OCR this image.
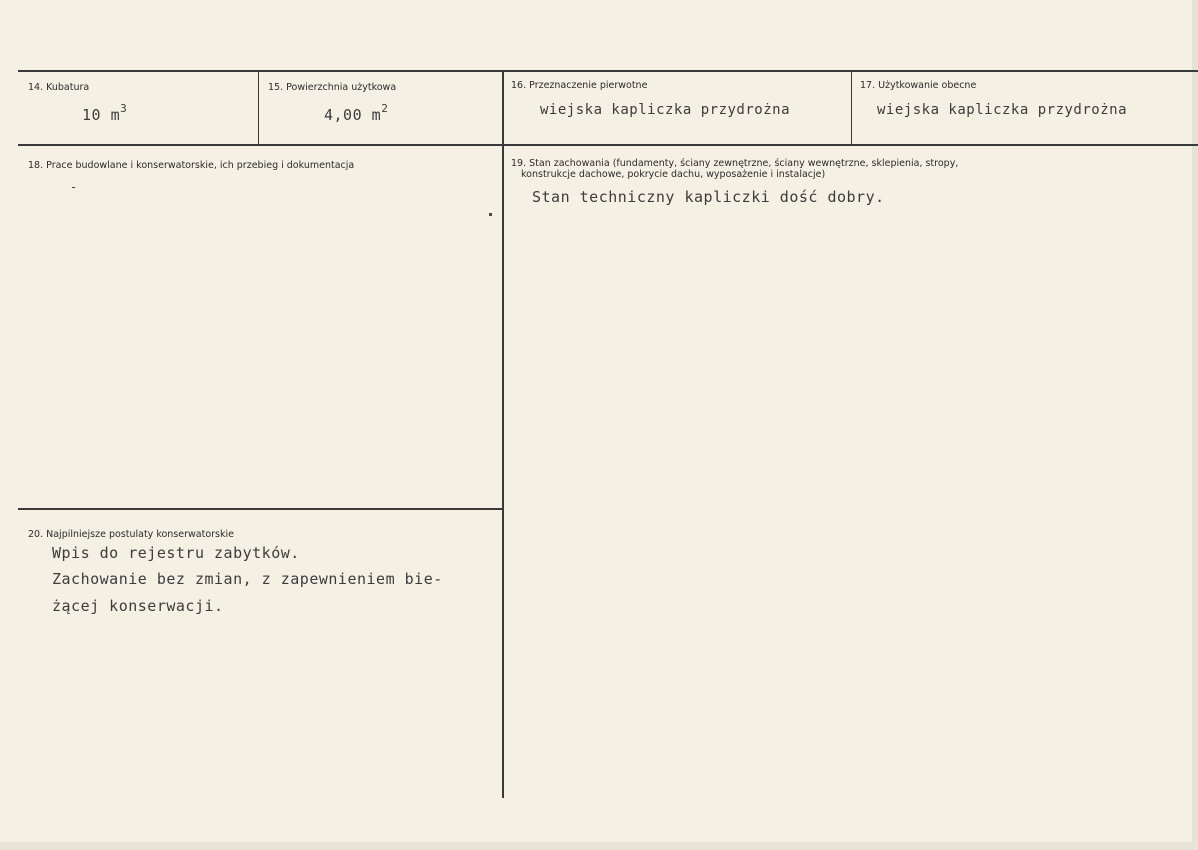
14. Kubatura
10 $m^3$
15. Powierzchnia użytkowa
4,00 $m^2$
16. Przeznaczenie pierwotne
wiejska kapliczka przydrożna
17. Użytkowanie obecne
wiejska kapliczka przydrożna
18. Prace budowlane i konserwatorskie, ich przebieg i dokumentacja
-
19. Stan zachowania (fundamenty, ściany zewnętrzne, ściany wewnętrzne, sklepienia, stropy,
konstrukcje dachowe, pokrycie dachu, wyposażenie i instalacje)
Stan techniczny kapliczki dość dobry.
20. Najpilniejsze postulaty konserwatorskie
Wpis do rejestru zabytków.
Zachowanie bez zmian, z zapewnieniem bie-
żącej konserwacji.
